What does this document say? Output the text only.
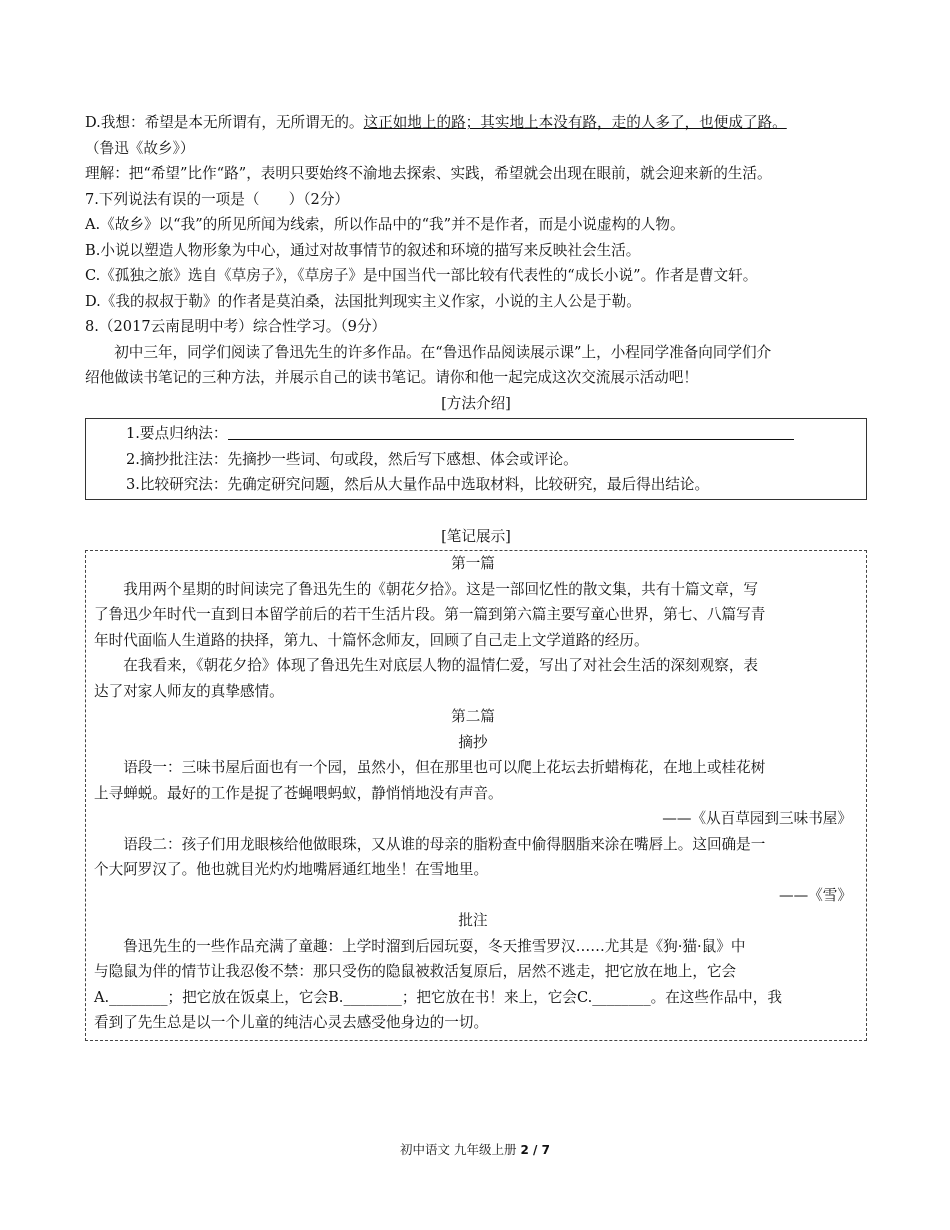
D.我想：希望是本无所谓有，无所谓无的。这正如地上的路；其实地上本没有路，走的人多了，也便成了路。
（鲁迅《故乡》）
理解：把“希望”比作“路”，表明只要始终不渝地去探索、实践，希望就会出现在眼前，就会迎来新的生活。
7.下列说法有误的一项是（　　）（2分）
A.《故乡》以“我”的所见所闻为线索，所以作品中的“我”并不是作者，而是小说虚构的人物。
B.小说以塑造人物形象为中心，通过对故事情节的叙述和环境的描写来反映社会生活。
C.《孤独之旅》选自《草房子》，《草房子》是中国当代一部比较有代表性的“成长小说”。作者是曹文轩。
D.《我的叔叔于勒》的作者是莫泊桑，法国批判现实主义作家，小说的主人公是于勒。
8.（2017云南昆明中考）综合性学习。（9分）
初中三年，同学们阅读了鲁迅先生的许多作品。在“鲁迅作品阅读展示课”上，小程同学准备向同学们介
绍他做读书笔记的三种方法，并展示自己的读书笔记。请你和他一起完成这次交流展示活动吧！
[方法介绍]
1.要点归纳法：
2.摘抄批注法：先摘抄一些词、句或段，然后写下感想、体会或评论。
3.比较研究法：先确定研究问题，然后从大量作品中选取材料，比较研究，最后得出结论。
[笔记展示]
第一篇
我用两个星期的时间读完了鲁迅先生的《朝花夕拾》。这是一部回忆性的散文集，共有十篇文章，写
了鲁迅少年时代一直到日本留学前后的若干生活片段。第一篇到第六篇主要写童心世界，第七、八篇写青
年时代面临人生道路的抉择，第九、十篇怀念师友，回顾了自己走上文学道路的经历。
在我看来，《朝花夕拾》体现了鲁迅先生对底层人物的温情仁爱，写出了对社会生活的深刻观察，表
达了对家人师友的真挚感情。
第二篇
摘抄
语段一：三味书屋后面也有一个园，虽然小，但在那里也可以爬上花坛去折蜡梅花，在地上或桂花树
上寻蝉蜕。最好的工作是捉了苍蝇喂蚂蚁，静悄悄地没有声音。
——《从百草园到三味书屋》
语段二：孩子们用龙眼核给他做眼珠，又从谁的母亲的脂粉查中偷得胭脂来涂在嘴唇上。这回确是一
个大阿罗汉了。他也就目光灼灼地嘴唇通红地坐！在雪地里。
——《雪》
批注
鲁迅先生的一些作品充满了童趣：上学时溜到后园玩耍，冬天推雪罗汉……尤其是《狗·猫·鼠》中
与隐鼠为伴的情节让我忍俊不禁：那只受伤的隐鼠被救活复原后，居然不逃走，把它放在地上，它会
A.________；把它放在饭桌上，它会B.________；把它放在书！来上，它会C.________。在这些作品中，我
看到了先生总是以一个儿童的纯洁心灵去感受他身边的一切。
初中语文 九年级上册 2 / 7
